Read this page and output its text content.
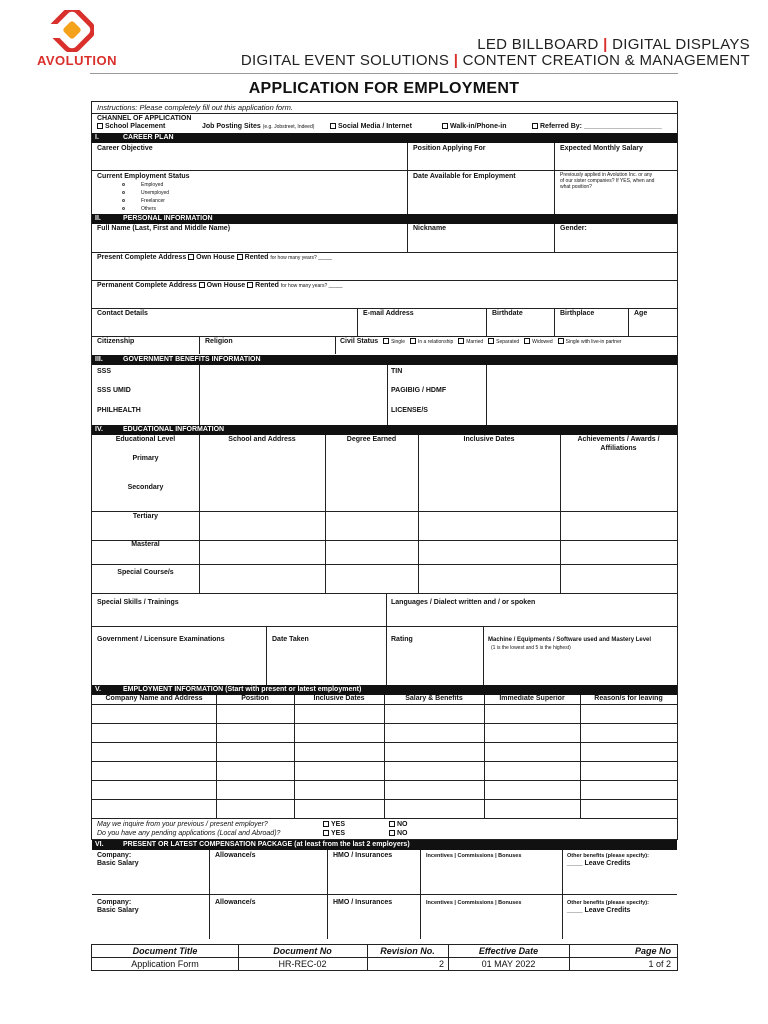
AVOLUTION
LED BILLBOARD | DIGITAL DISPLAYS
DIGITAL EVENT SOLUTIONS | CONTENT CREATION & MANAGEMENT
APPLICATION FOR EMPLOYMENT
Instructions: Please completely fill out this application form.
CHANNEL OF APPLICATION
School Placement	Job Posting Sites (e.g. Jobstreet, Indeed)	Social Media / Internet	Walk-in/Phone-in	Referred By: ____________________
I.	CAREER PLAN
Career Objective	Position Applying For	Expected Monthly Salary
Current Employment Status
Employed
Unemployed
Freelancer
Others
Date Available for Employment	Previously applied in Avolution Inc. or any
of our sister companies? If YES, when and
what position?
II.	PERSONAL INFORMATION
Full Name (Last, First and Middle Name)	Nickname	Gender:
Present Complete Address Own House Rented for how many years? _____
Permanent Complete Address Own House Rented for how many years? _____
Contact Details	E-mail Address	Birthdate	Birthplace	Age
Citizenship	Religion	Civil Status	Single	In a relationship	Married	Separated	Widowed	Single with live-in partner
III.	GOVERNMENT BENEFITS INFORMATION
SSS
SSS UMID
PHILHEALTH
TIN
PAGIBIG / HDMF
LICENSE/S
IV.	EDUCATIONAL INFORMATION
Educational Level	School and Address	Degree Earned	Inclusive Dates	Achievements / Awards /
Affiliations
Primary
Secondary
Tertiary
Masteral
Special Course/s
Special Skills / Trainings	Languages / Dialect written and / or spoken
Government / Licensure Examinations	Date Taken	Rating	Machine / Equipments / Software used and Mastery Level
(1 is the lowest and 5 is the highest)
V.	EMPLOYMENT INFORMATION (Start with present or latest employment)
Company Name and Address	Position	Inclusive Dates	Salary & Benefits	Immediate Superior	Reason/s for leaving
May we inquire from your previous / present employer?	YES	NO
Do you have any pending applications (Local and Abroad)?	YES	NO
VI.	PRESENT OR LATEST COMPENSATION PACKAGE (at least from the last 2 employers)
Company:
Basic Salary
Allowance/s	HMO / Insurances	Incentives | Commissions | Bonuses	Other benefits (please specify):
____ Leave Credits
Company:
Basic Salary
Allowance/s	HMO / Insurances	Incentives | Commissions | Bonuses	Other benefits (please specify):
____ Leave Credits
Document Title	Document No	Revision No.	Effective Date	Page No
Application Form	HR-REC-02	2	01 MAY 2022	1 of 2
